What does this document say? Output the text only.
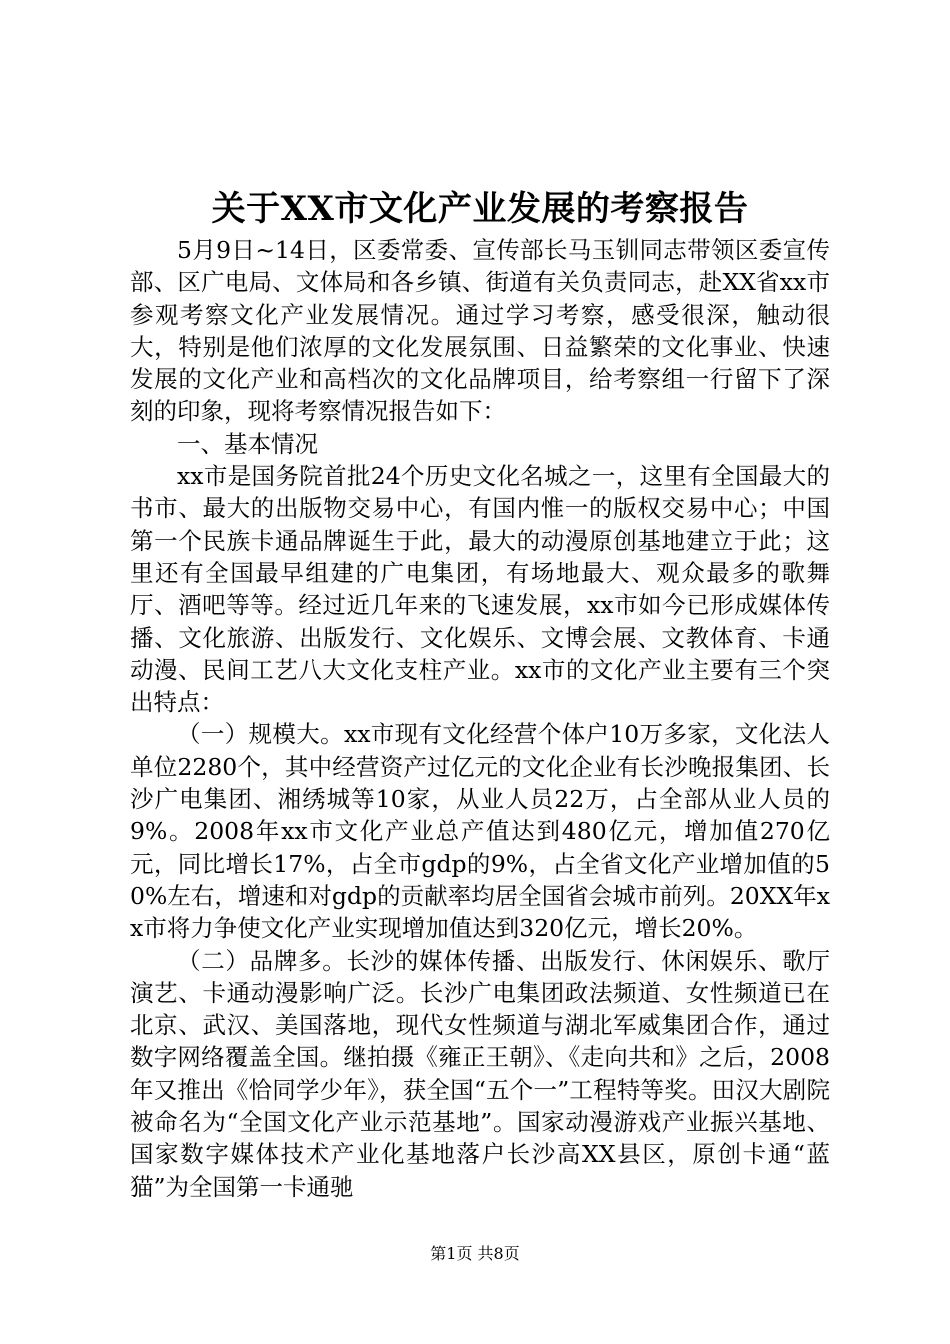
关于XX市文化产业发展的考察报告

5月9日~14日，区委常委、宣传部长马玉钏同志带领区委宣传部、区广电局、文体局和各乡镇、街道有关负责同志，赴XX省xx市参观考察文化产业发展情况。通过学习考察，感受很深，触动很大，特别是他们浓厚的文化发展氛围、日益繁荣的文化事业、快速发展的文化产业和高档次的文化品牌项目，给考察组一行留下了深刻的印象，现将考察情况报告如下：

一、基本情况

xx市是国务院首批24个历史文化名城之一，这里有全国最大的书市、最大的出版物交易中心，有国内惟一的版权交易中心；中国第一个民族卡通品牌诞生于此，最大的动漫原创基地建立于此；这里还有全国最早组建的广电集团，有场地最大、观众最多的歌舞厅、酒吧等等。经过近几年来的飞速发展，xx市如今已形成媒体传播、文化旅游、出版发行、文化娱乐、文博会展、文教体育、卡通动漫、民间工艺八大文化支柱产业。xx市的文化产业主要有三个突出特点：

（一）规模大。xx市现有文化经营个体户10万多家，文化法人单位2280个，其中经营资产过亿元的文化企业有长沙晚报集团、长沙广电集团、湘绣城等10家，从业人员22万，占全部从业人员的9%。2008年xx市文化产业总产值达到480亿元，增加值270亿元，同比增长17%，占全市gdp的9%，占全省文化产业增加值的50%左右，增速和对gdp的贡献率均居全国省会城市前列。20XX年xx市将力争使文化产业实现增加值达到320亿元，增长20%。

（二）品牌多。长沙的媒体传播、出版发行、休闲娱乐、歌厅演艺、卡通动漫影响广泛。长沙广电集团政法频道、女性频道已在北京、武汉、美国落地，现代女性频道与湖北军威集团合作，通过数字网络覆盖全国。继拍摄《雍正王朝》、《走向共和》之后，2008年又推出《恰同学少年》，获全国“五个一”工程特等奖。田汉大剧院被命名为“全国文化产业示范基地”。国家动漫游戏产业振兴基地、国家数字媒体技术产业化基地落户长沙高XX县区，原创卡通“蓝猫”为全国第一卡通驰

第1页 共8页
